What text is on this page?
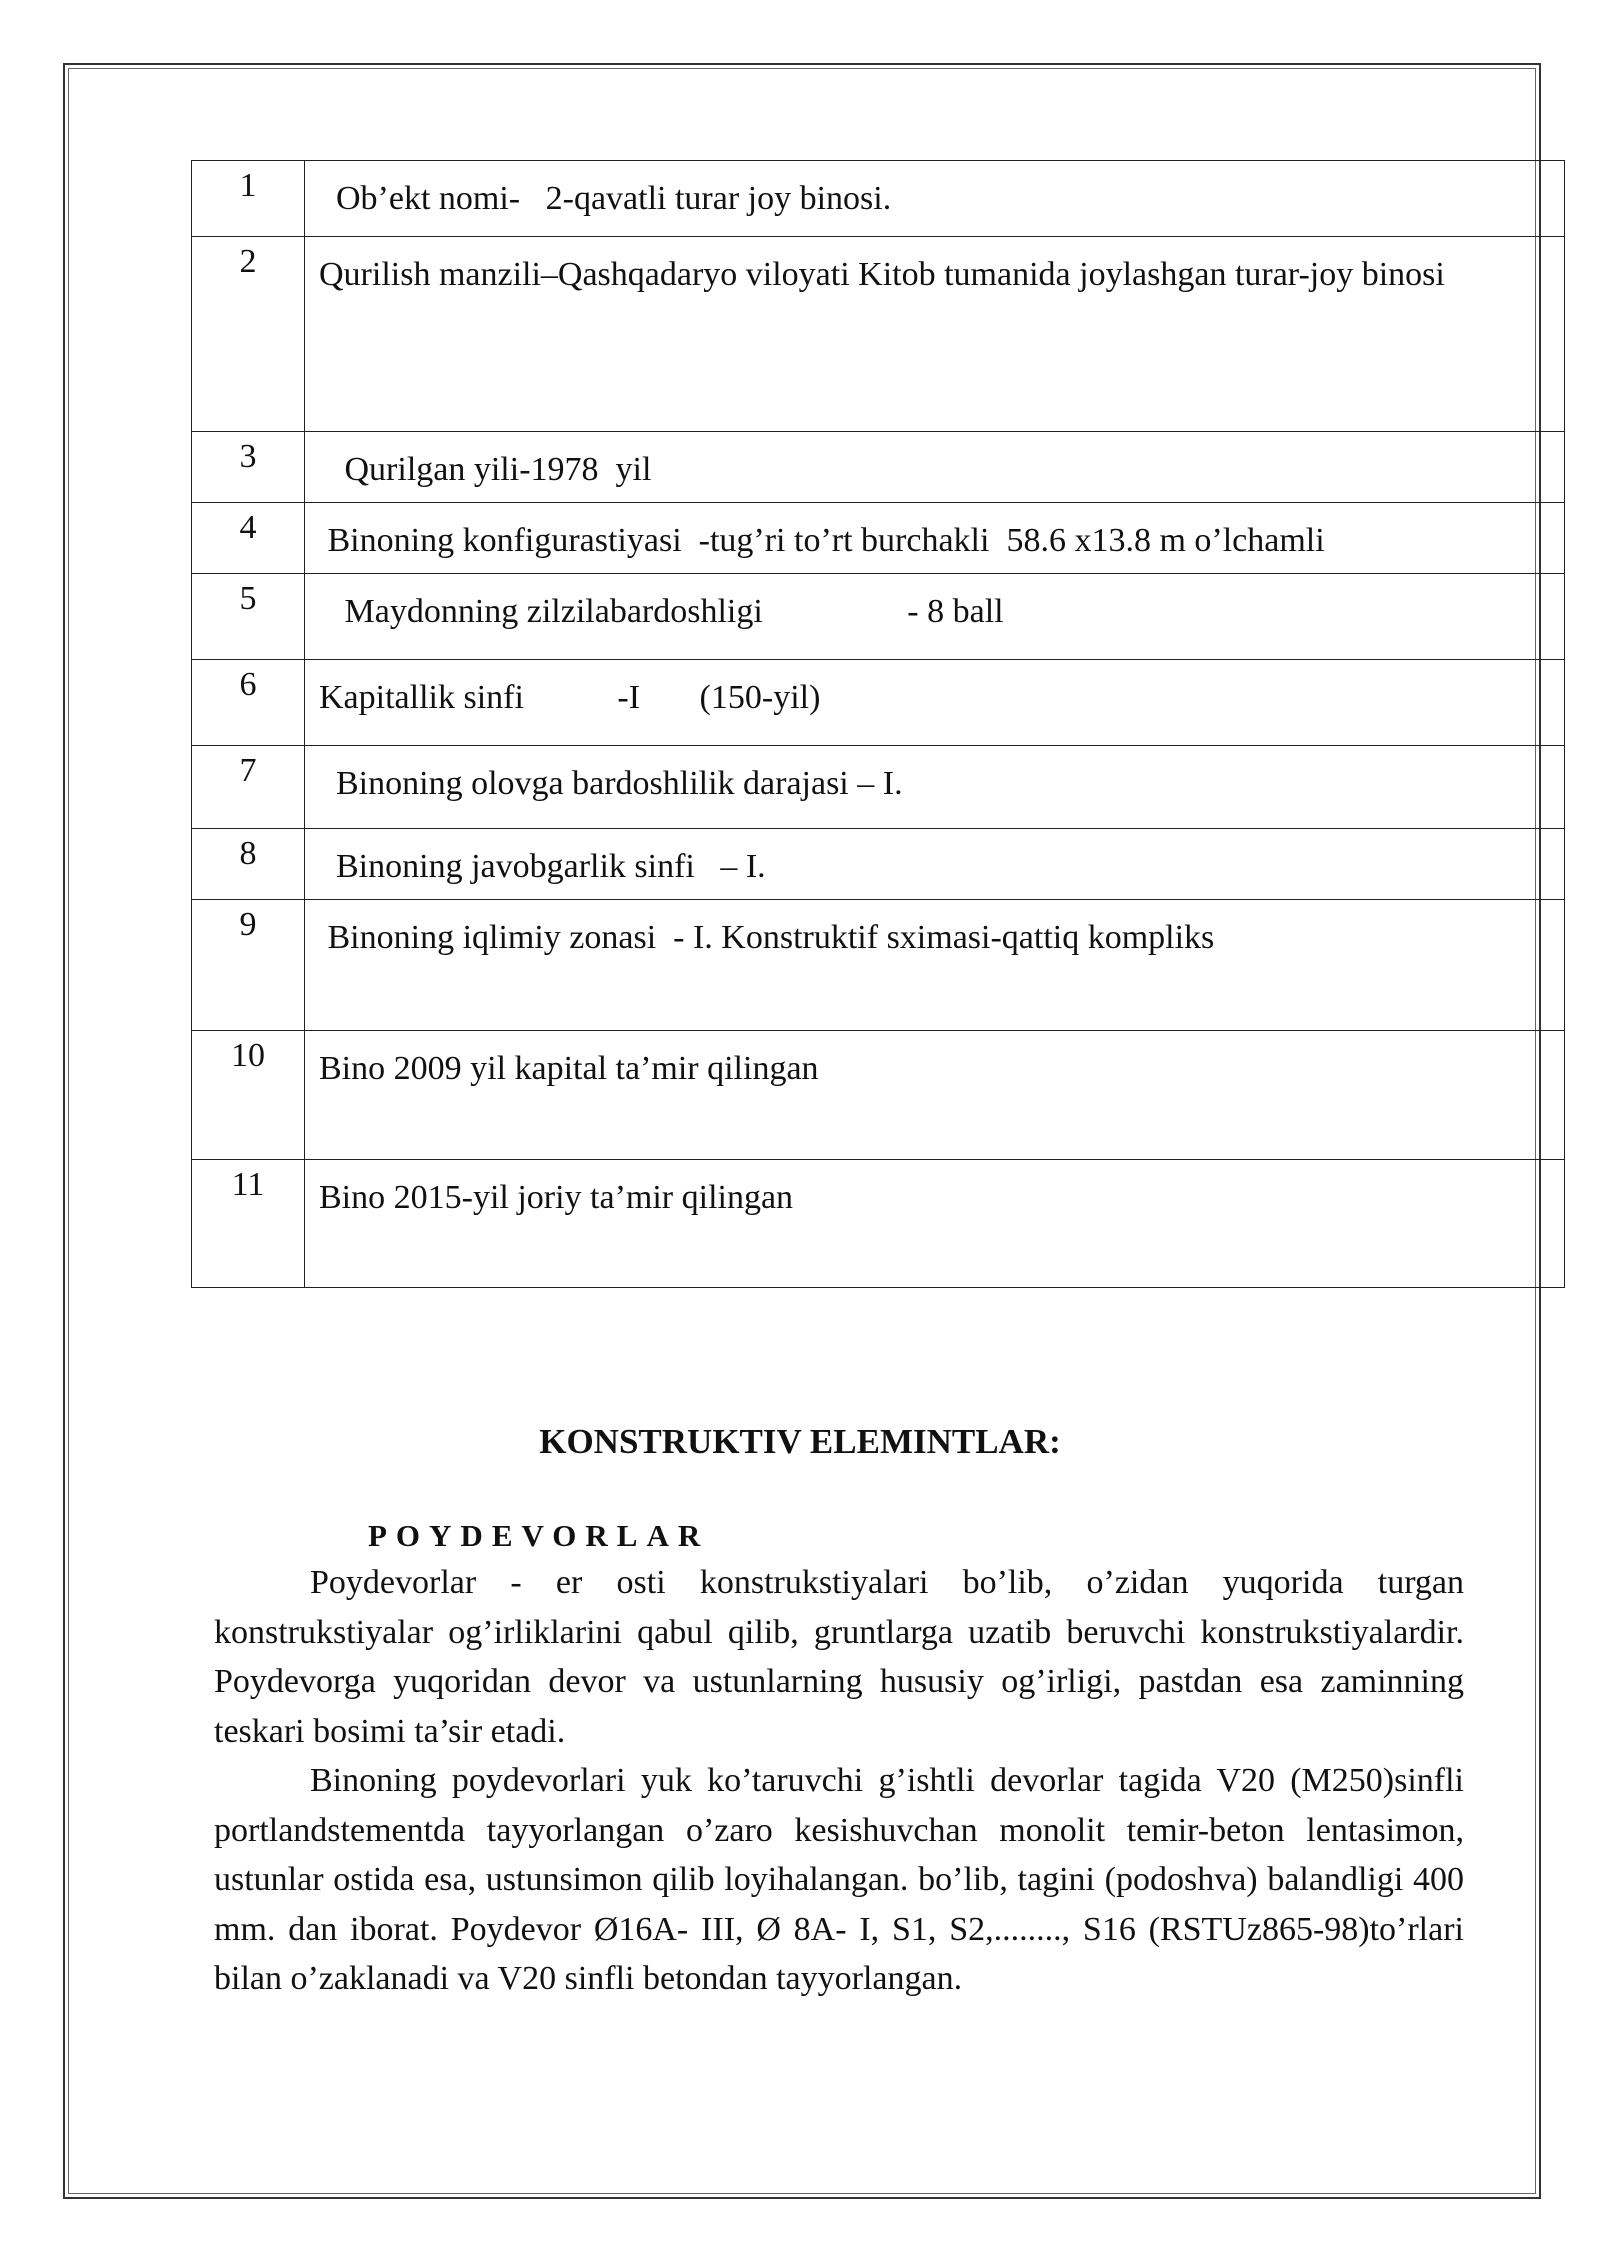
1	Ob’ekt nomi-   2-qavatli turar joy binosi.
2	Qurilish manzili–Qashqadaryo viloyati Kitob tumanida joylashgan turar-joy binosi
3	Qurilgan yili-1978  yil
4	Binoning konfigurastiyasi  -tug’ri to’rt burchakli  58.6 x13.8 m o’lchamli
5	Maydonning zilzilabardoshligi                 - 8 ball
6	Kapitallik sinfi           -I       (150-yil)
7	Binoning olovga bardoshlilik darajasi – I.
8	Binoning javobgarlik sinfi   – I.
9	Binoning iqlimiy zonasi  - I. Konstruktif sximasi-qattiq kompliks
10	Bino 2009 yil kapital ta’mir qilingan
11	Bino 2015-yil joriy ta’mir qilingan
KONSTRUKTIV ELEMINTLAR:
POYDEVORLAR

Poydevorlar - er osti konstrukstiyalari bo’lib, o’zidan yuqorida turgan konstrukstiyalar og’irliklarini qabul qilib, gruntlarga uzatib beruvchi konstrukstiyalardir. Poydevorga yuqoridan devor va ustunlarning hususiy og’irligi, pastdan esa zaminning teskari bosimi ta’sir etadi.

Binoning poydevorlari yuk ko’taruvchi g’ishtli devorlar tagida V20 (M250)sinfli portlandstementda tayyorlangan o’zaro kesishuvchan monolit temir-beton lentasimon, ustunlar ostida esa, ustunsimon qilib loyihalangan. bo’lib, tagini (podoshva) balandligi 400 mm. dan iborat. Poydevor Ø16A- III, Ø 8A- I, S1, S2,........, S16 (RSTUz865-98)to’rlari bilan o’zaklanadi va V20 sinfli betondan tayyorlangan.
